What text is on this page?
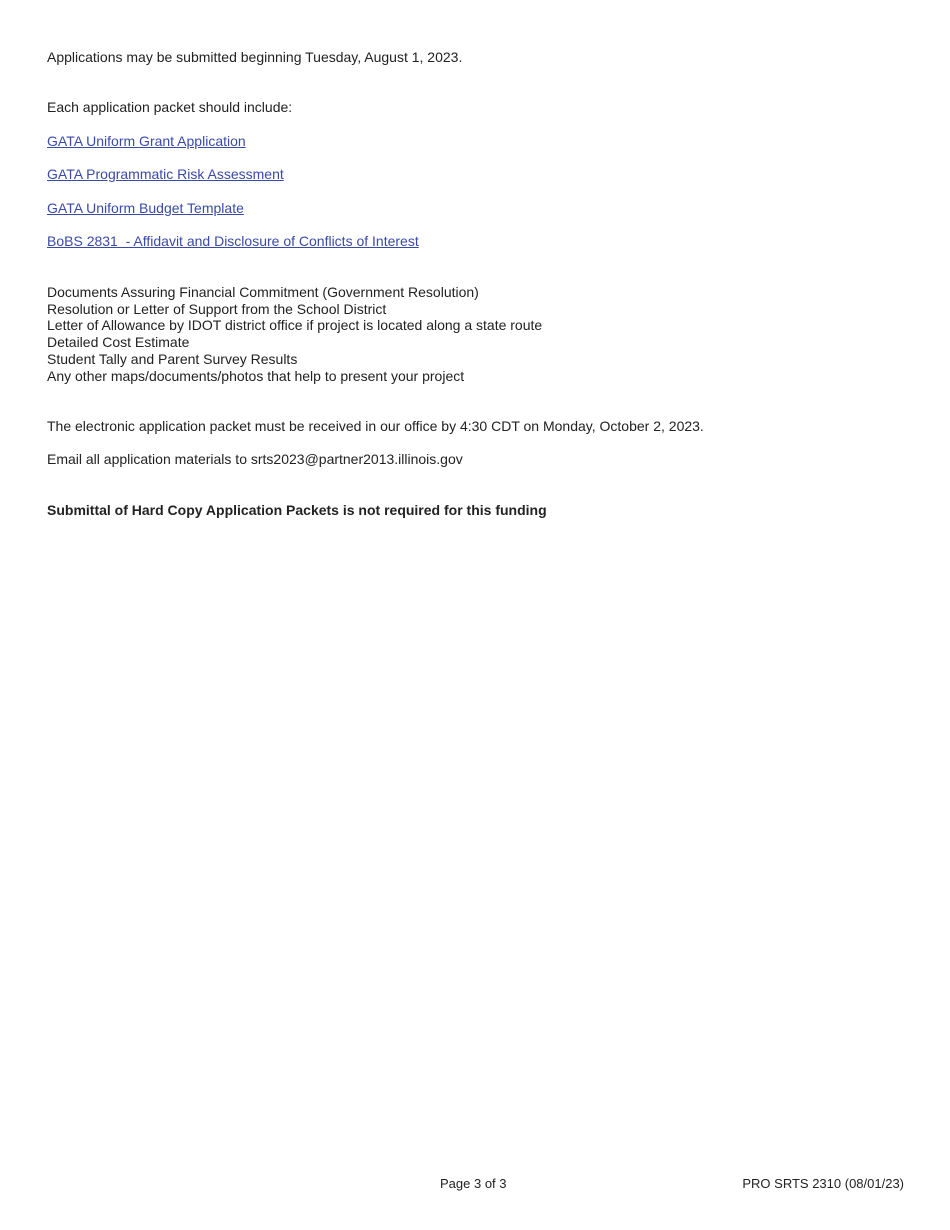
Applications may be submitted beginning Tuesday, August 1, 2023.
Each application packet should include:
GATA Uniform Grant Application
GATA Programmatic Risk Assessment
GATA Uniform Budget Template
BoBS 2831  - Affidavit and Disclosure of Conflicts of Interest
Documents Assuring Financial Commitment (Government Resolution)
Resolution or Letter of Support from the School District
Letter of Allowance by IDOT district office if project is located along a state route
Detailed Cost Estimate
Student Tally and Parent Survey Results
Any other maps/documents/photos that help to present your project
The electronic application packet must be received in our office by 4:30 CDT on Monday, October 2, 2023.
Email all application materials to srts2023@partner2013.illinois.gov
Submittal of Hard Copy Application Packets is not required for this funding
Page 3 of 3	PRO SRTS 2310 (08/01/23)
